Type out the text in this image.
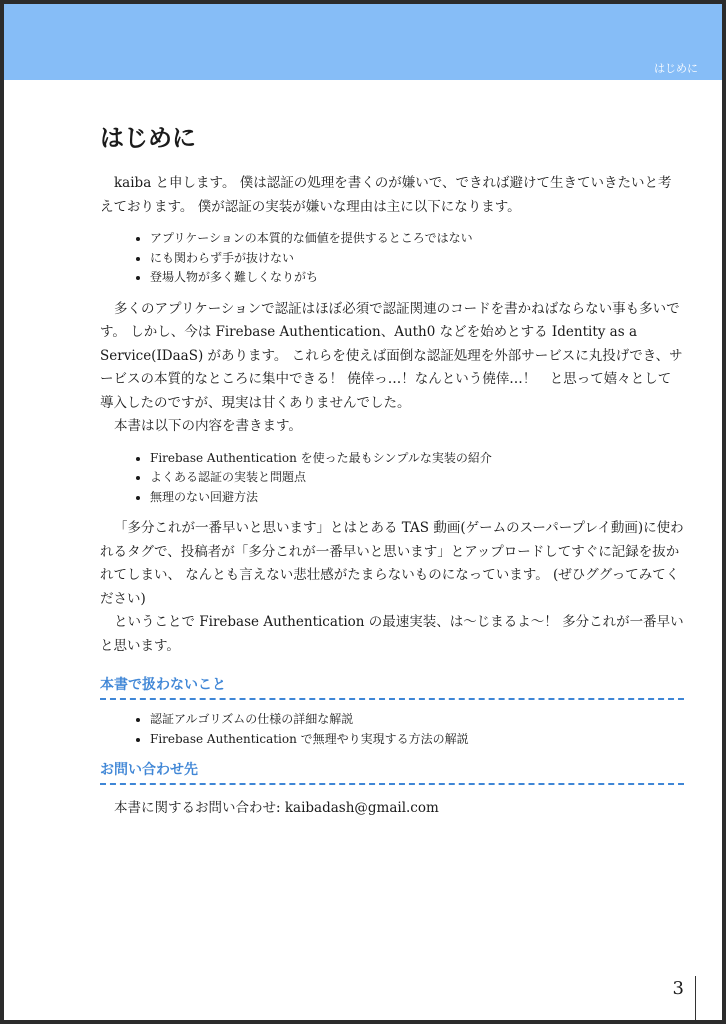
はじめに
はじめに

kaiba と申します。 僕は認証の処理を書くのが嫌いで、できれば避けて生きていきたいと考えております。 僕が認証の実装が嫌いな理由は主に以下になります。

• アプリケーションの本質的な価値を提供するところではない
• にも関わらず手が抜けない
• 登場人物が多く難しくなりがち

多くのアプリケーションで認証はほぼ必須で認証関連のコードを書かねばならない事も多いです。 しかし、今は Firebase Authentication、Auth0 などを始めとする Identity as a Service(IDaaS) があります。 これらを使えば面倒な認証処理を外部サービスに丸投げでき、サービスの本質的なところに集中できる！ 僥倖っ…！なんという僥倖…！　と思って嬉々として導入したのですが、現実は甘くありませんでした。

本書は以下の内容を書きます。

• Firebase Authentication を使った最もシンプルな実装の紹介
• よくある認証の実装と問題点
• 無理のない回避方法

「多分これが一番早いと思います」とはとある TAS 動画(ゲームのスーパープレイ動画)に使われるタグで、投稿者が「多分これが一番早いと思います」とアップロードしてすぐに記録を抜かれてしまい、 なんとも言えない悲壮感がたまらないものになっています。 (ぜひググってみてください)

ということで Firebase Authentication の最速実装、は〜じまるよ〜！ 多分これが一番早いと思います。

本書で扱わないこと
• 認証アルゴリズムの仕様の詳細な解説
• Firebase Authentication で無理やり実現する方法の解説
お問い合わせ先

本書に関するお問い合わせ: kaibadash@gmail.com

3
